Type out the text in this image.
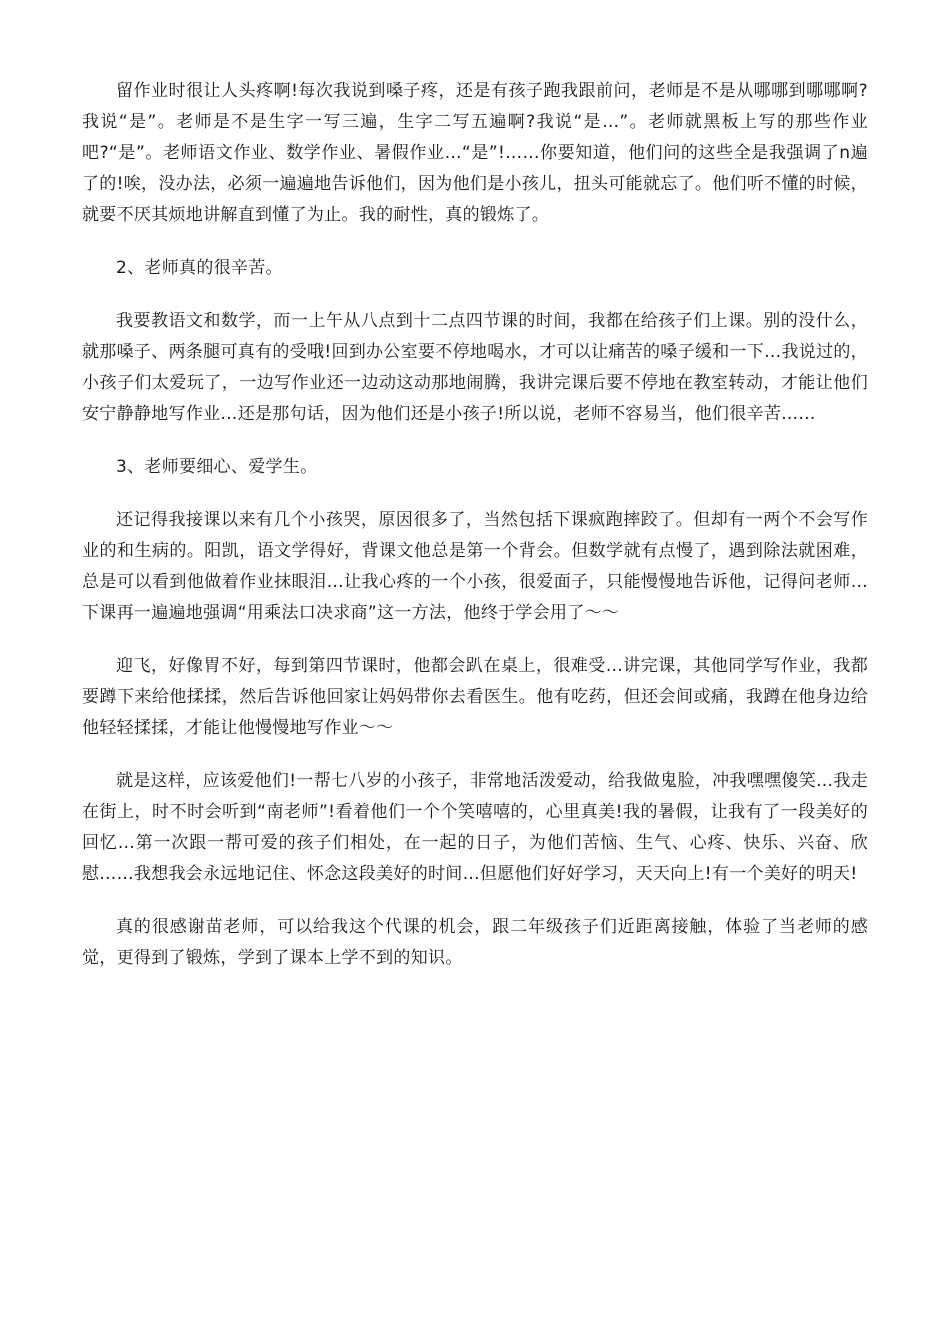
留作业时很让人头疼啊!每次我说到嗓子疼，还是有孩子跑我跟前问，老师是不是从哪哪到哪哪啊?我说“是”。老师是不是生字一写三遍，生字二写五遍啊?我说“是…”。老师就黑板上写的那些作业吧?“是”。老师语文作业、数学作业、暑假作业…“是”!……你要知道，他们问的这些全是我强调了n遍了的!唉，没办法，必须一遍遍地告诉他们，因为他们是小孩儿，扭头可能就忘了。他们听不懂的时候，就要不厌其烦地讲解直到懂了为止。我的耐性，真的锻炼了。

2、老师真的很辛苦。

我要教语文和数学，而一上午从八点到十二点四节课的时间，我都在给孩子们上课。别的没什么，就那嗓子、两条腿可真有的受哦!回到办公室要不停地喝水，才可以让痛苦的嗓子缓和一下…我说过的，小孩子们太爱玩了，一边写作业还一边动这动那地闹腾，我讲完课后要不停地在教室转动，才能让他们安宁静静地写作业…还是那句话，因为他们还是小孩子!所以说，老师不容易当，他们很辛苦……

3、老师要细心、爱学生。

还记得我接课以来有几个小孩哭，原因很多了，当然包括下课疯跑摔跤了。但却有一两个不会写作业的和生病的。阳凯，语文学得好，背课文他总是第一个背会。但数学就有点慢了，遇到除法就困难，总是可以看到他做着作业抹眼泪…让我心疼的一个小孩，很爱面子，只能慢慢地告诉他，记得问老师…下课再一遍遍地强调“用乘法口决求商”这一方法，他终于学会用了～～

迎飞，好像胃不好，每到第四节课时，他都会趴在桌上，很难受…讲完课，其他同学写作业，我都要蹲下来给他揉揉，然后告诉他回家让妈妈带你去看医生。他有吃药，但还会间或痛，我蹲在他身边给他轻轻揉揉，才能让他慢慢地写作业～～

就是这样，应该爱他们!一帮七八岁的小孩子，非常地活泼爱动，给我做鬼脸，冲我嘿嘿傻笑…我走在街上，时不时会听到“南老师”!看着他们一个个笑嘻嘻的，心里真美!我的暑假，让我有了一段美好的回忆…第一次跟一帮可爱的孩子们相处，在一起的日子，为他们苦恼、生气、心疼、快乐、兴奋、欣慰……我想我会永远地记住、怀念这段美好的时间…但愿他们好好学习，天天向上!有一个美好的明天!

真的很感谢苗老师，可以给我这个代课的机会，跟二年级孩子们近距离接触，体验了当老师的感觉，更得到了锻炼，学到了课本上学不到的知识。
